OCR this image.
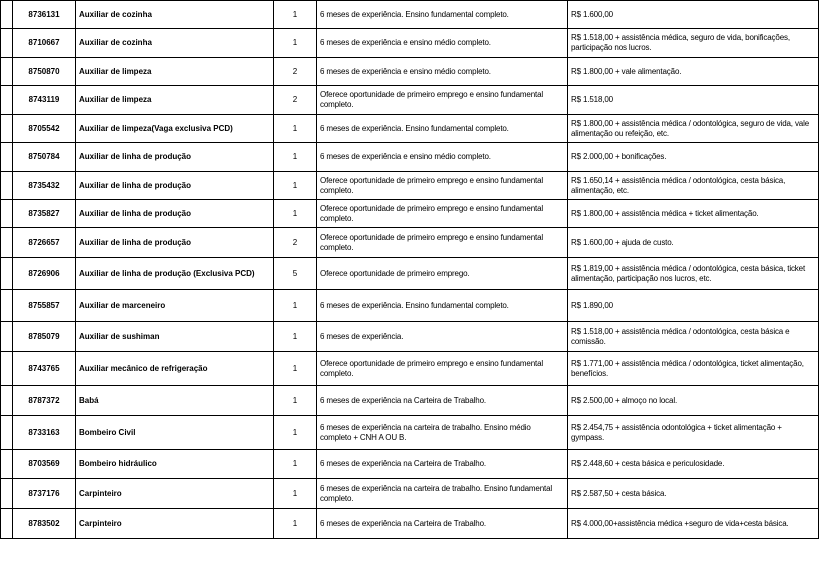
	8736131	Auxiliar de cozinha	1	6 meses de experiência. Ensino fundamental completo.	R$ 1.600,00
	8710667	Auxiliar de cozinha	1	6 meses de experiência e ensino médio completo.	R$ 1.518,00 + assistência médica, seguro de vida, bonificações, participação nos lucros.
	8750870	Auxiliar de limpeza	2	6 meses de experiência e ensino médio completo.	R$ 1.800,00 + vale alimentação.
	8743119	Auxiliar de limpeza	2	Oferece oportunidade de primeiro emprego e ensino fundamental completo.	R$ 1.518,00
	8705542	Auxiliar de limpeza(Vaga exclusiva PCD)	1	6 meses de experiência. Ensino fundamental completo.	R$ 1.800,00 + assistência médica / odontológica, seguro de vida, vale alimentação ou refeição, etc.
	8750784	Auxiliar de linha de produção	1	6 meses de experiência e ensino médio completo.	R$ 2.000,00 + bonificações.
	8735432	Auxiliar de linha de produção	1	Oferece oportunidade de primeiro emprego e ensino fundamental completo.	R$ 1.650,14 + assistência médica / odontológica, cesta básica, alimentação, etc.
	8735827	Auxiliar de linha de produção	1	Oferece oportunidade de primeiro emprego e ensino fundamental completo.	R$ 1.800,00 + assistência médica + ticket alimentação.
	8726657	Auxiliar de linha de produção	2	Oferece oportunidade de primeiro emprego e ensino fundamental completo.	R$ 1.600,00 + ajuda de custo.
	8726906	Auxiliar de linha de produção (Exclusiva PCD)	5	Oferece oportunidade de primeiro emprego.	R$ 1.819,00 + assistência médica / odontológica, cesta básica, ticket alimentação, participação nos lucros, etc.
	8755857	Auxiliar de marceneiro	1	6 meses de experiência. Ensino fundamental completo.	R$ 1.890,00
	8785079	Auxiliar de sushiman	1	6 meses de experiência.	R$ 1.518,00 + assistência médica / odontológica, cesta básica e comissão.
	8743765	Auxiliar mecânico de refrigeração	1	Oferece oportunidade de primeiro emprego e ensino fundamental completo.	R$ 1.771,00 + assistência médica / odontológica, ticket alimentação, benefícios.
	8787372	Babá	1	6 meses de experiência na Carteira de Trabalho.	R$ 2.500,00 + almoço no local.
	8733163	Bombeiro Civil	1	6 meses de experiência na carteira de trabalho. Ensino médio completo + CNH A OU B.	R$ 2.454,75 + assistência odontológica + ticket alimentação + gympass.
	8703569	Bombeiro hidráulico	1	6 meses de experiência na Carteira de Trabalho.	R$ 2.448,60 + cesta básica e periculosidade.
	8737176	Carpinteiro	1	6 meses de experiência na carteira de trabalho. Ensino fundamental completo.	R$ 2.587,50 + cesta básica.
	8783502	Carpinteiro	1	6 meses de experiência na Carteira de Trabalho.	R$ 4.000,00+assistência médica +seguro de vida+cesta básica.
